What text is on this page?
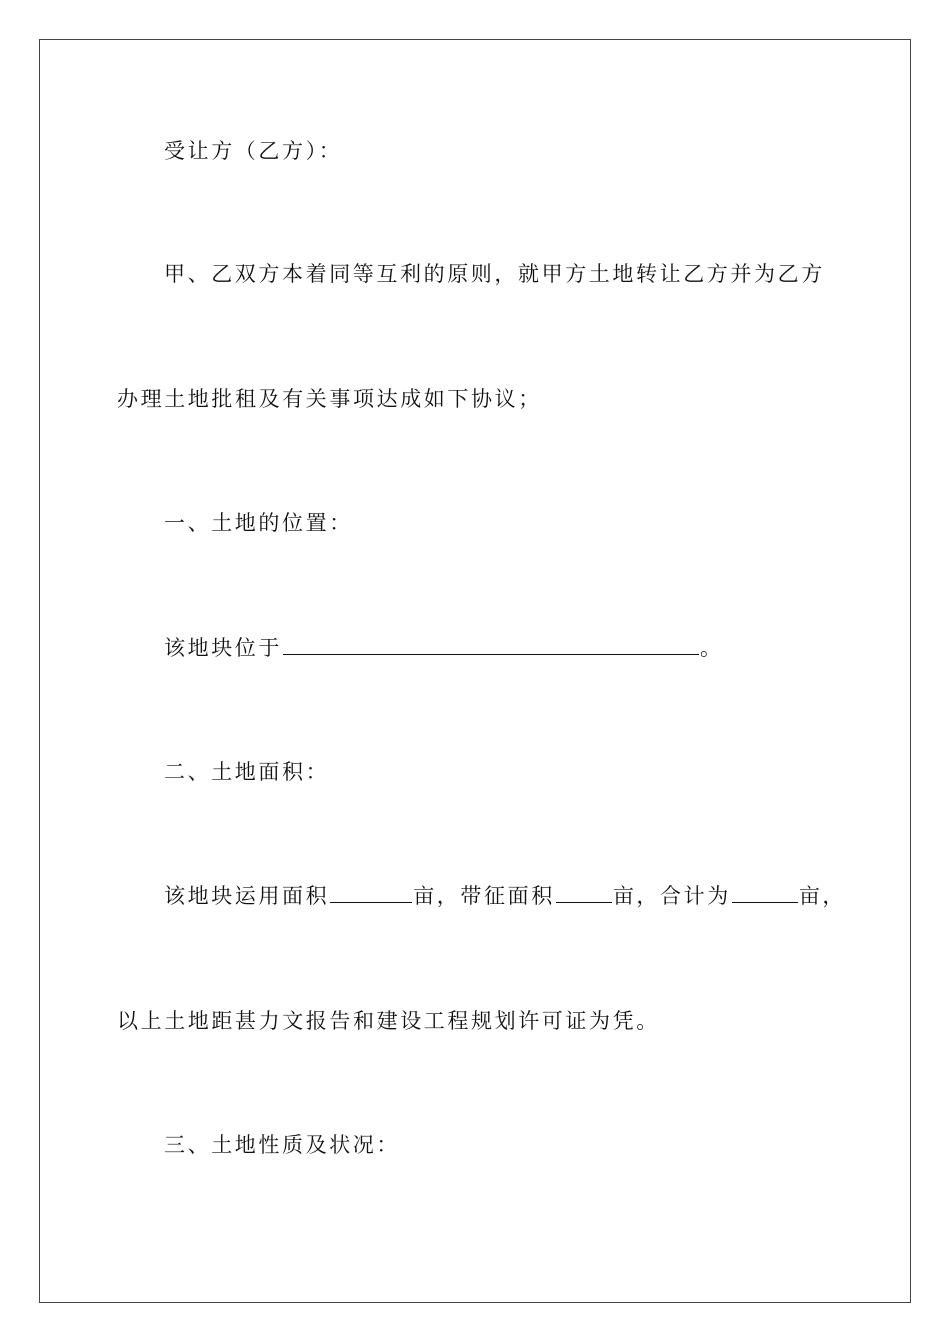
受让方（乙方）：
甲、乙双方本着同等互利的原则，就甲方土地转让乙方并为乙方
办理土地批租及有关事项达成如下协议；
一、土地的位置：
该地块位于	。
二、土地面积：
该地块运用面积	亩，带征面积	亩，合计为	亩，
以上土地距甚力文报告和建设工程规划许可证为凭。
三、土地性质及状况：
